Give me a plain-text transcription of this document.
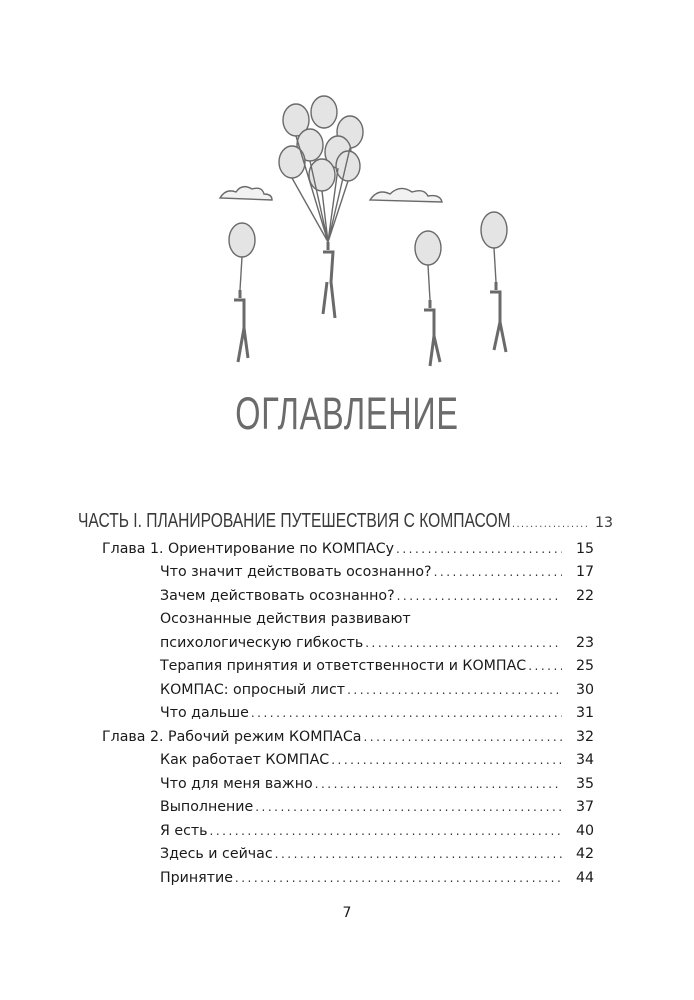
ОГЛАВЛЕНИЕ
ЧАСТЬ I. ПЛАНИРОВАНИЕ ПУТЕШЕСТВИЯ С КОМПАСОМ .....	13
Глава 1. Ориентирование по КОМПАСу .....	15
Что значит действовать осознанно? .....	17
Зачем действовать осознанно? .....	22
Осознанные действия развивают
психологическую гибкость .....	23
Терапия принятия и ответственности и КОМПАС .....	25
КОМПАС: опросный лист .....	30
Что дальше .....	31
Глава 2. Рабочий режим КОМПАСа .....	32
Как работает КОМПАС .....	34
Что для меня важно .....	35
Выполнение .....	37
Я есть .....	40
Здесь и сейчас .....	42
Принятие .....	44
7
